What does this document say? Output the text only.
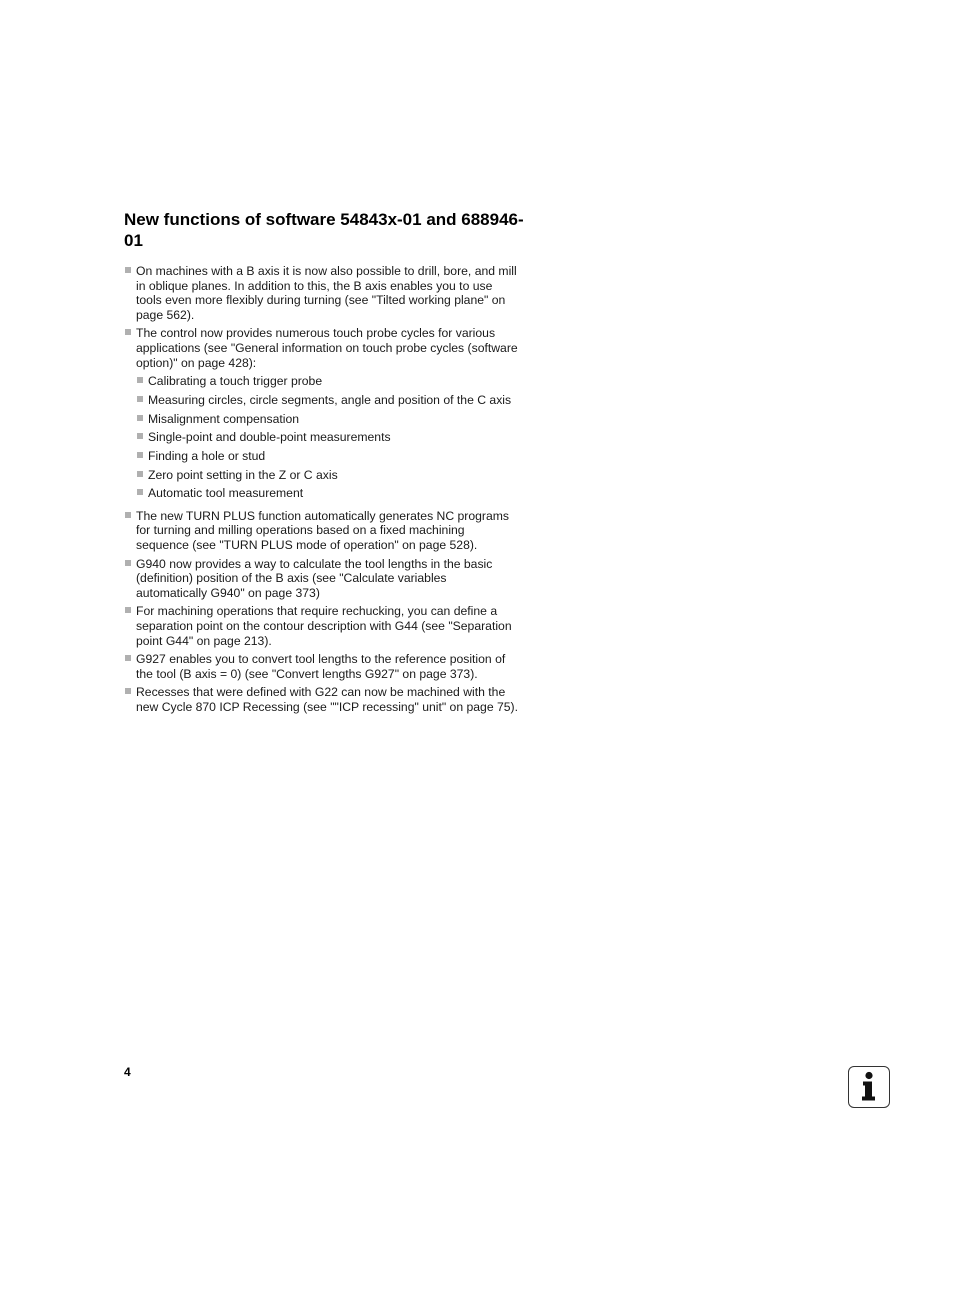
New functions of software 54843x-01 and 688946-01
On machines with a B axis it is now also possible to drill, bore, and mill in oblique planes. In addition to this, the B axis enables you to use tools even more flexibly during turning (see "Tilted working plane" on page 562).
The control now provides numerous touch probe cycles for various applications (see "General information on touch probe cycles (software option)" on page 428):
Calibrating a touch trigger probe
Measuring circles, circle segments, angle and position of the C axis
Misalignment compensation
Single-point and double-point measurements
Finding a hole or stud
Zero point setting in the Z or C axis
Automatic tool measurement
The new TURN PLUS function automatically generates NC programs for turning and milling operations based on a fixed machining sequence (see "TURN PLUS mode of operation" on page 528).
G940 now provides a way to calculate the tool lengths in the basic (definition) position of the B axis (see "Calculate variables automatically G940" on page 373)
For machining operations that require rechucking, you can define a separation point on the contour description with G44 (see "Separation point G44" on page 213).
G927 enables you to convert tool lengths to the reference position of the tool (B axis = 0) (see "Convert lengths G927" on page 373).
Recesses that were defined with G22 can now be machined with the new Cycle 870 ICP Recessing (see ""ICP recessing" unit" on page 75).
4
